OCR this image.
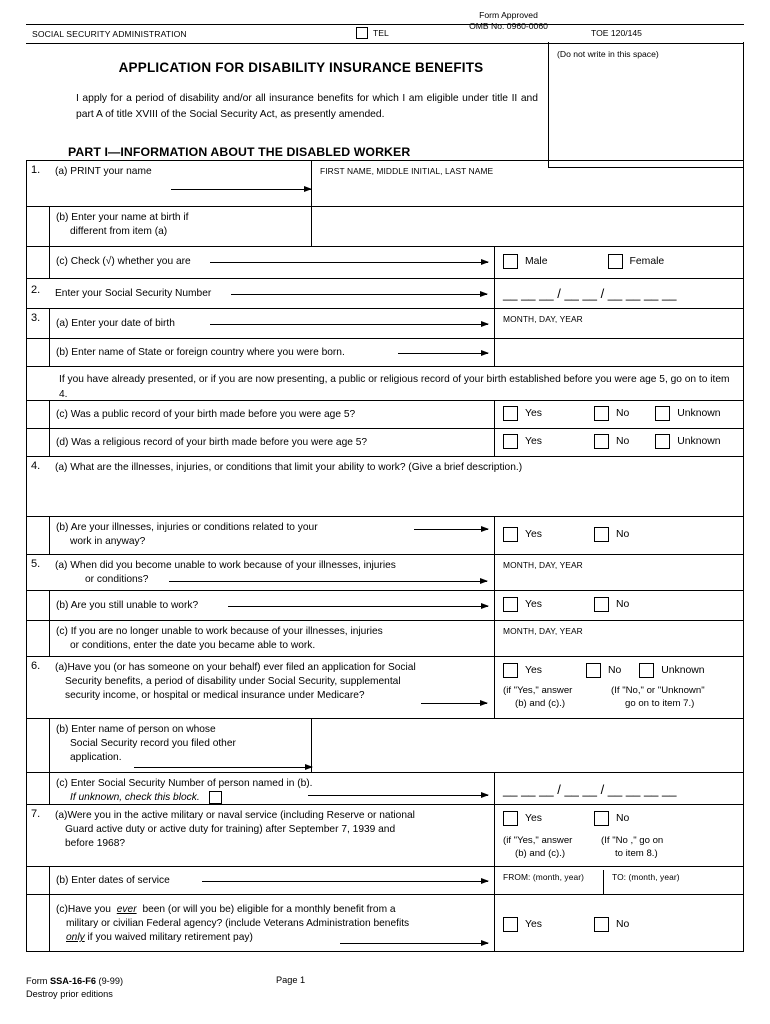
SOCIAL SECURITY ADMINISTRATION	TEL
Form Approved
OMB No. 0960-0060
TOE 120/145
(Do not write in this space)
APPLICATION FOR DISABILITY INSURANCE BENEFITS
I apply for a period of disability and/or all insurance benefits for which I am eligible under title II and part A of title XVIII of the Social Security Act, as presently amended.
PART I—INFORMATION ABOUT THE DISABLED WORKER
1.	(a) PRINT your name	FIRST NAME, MIDDLE INITIAL, LAST NAME
(b) Enter your name at birth if
different from item (a)
(c) Check (√) whether you are	Male	Female
2.	Enter your Social Security Number	__ __ __ / __ __ / __ __ __ __
3.	(a) Enter your date of birth	MONTH, DAY, YEAR
(b) Enter name of State or foreign country where you were born.
If you have already presented, or if you are now presenting, a public or religious record of your birth established before you were age 5, go on to item 4.
(c) Was a public record of your birth made before you were age 5?	Yes	No	Unknown
(d) Was a religious record of your birth made before you were age 5?	Yes	No	Unknown
4.	(a) What are the illnesses, injuries, or conditions that limit your ability to work? (Give a brief description.)
(b) Are your illnesses, injuries or conditions related to your
work in anyway?
Yes	No
5.	(a) When did you become unable to work because of your illnesses, injuries
or conditions?
MONTH, DAY, YEAR
(b) Are you still unable to work?	Yes	No
(c) If you are no longer unable to work because of your illnesses, injuries
or conditions, enter the date you became able to work.
MONTH, DAY, YEAR
6.	(a)Have you (or has someone on your behalf) ever filed an application for Social
Security benefits, a period of disability under Social Security, supplemental
security income, or hospital or medical insurance under Medicare?
Yes	No	Unknown
(if "Yes," answer
(b) and (c).)
(If "No," or "Unknown"
go on to item 7.)
(b) Enter name of person on whose
Social Security record you filed other
application.
(c) Enter Social Security Number of person named in (b).
If unknown, check this block.
__ __ __ / __ __ / __ __ __ __
7.	(a)Were you in the active military or naval service (including Reserve or national
Guard active duty or active duty for training) after September 7, 1939 and
before 1968?
Yes	No
(if "Yes," answer
(b) and (c).)
(If "No ," go on
to item 8.)
(b) Enter dates of service	FROM: (month, year)	TO: (month, year)
(c)Have you ever been (or will you be) eligible for a monthly benefit from a
military or civilian Federal agency? (include Veterans Administration benefits
only if you waived military retirement pay)
Yes	No
Form SSA-16-F6 (9-99)
Destroy prior editions
Page 1
